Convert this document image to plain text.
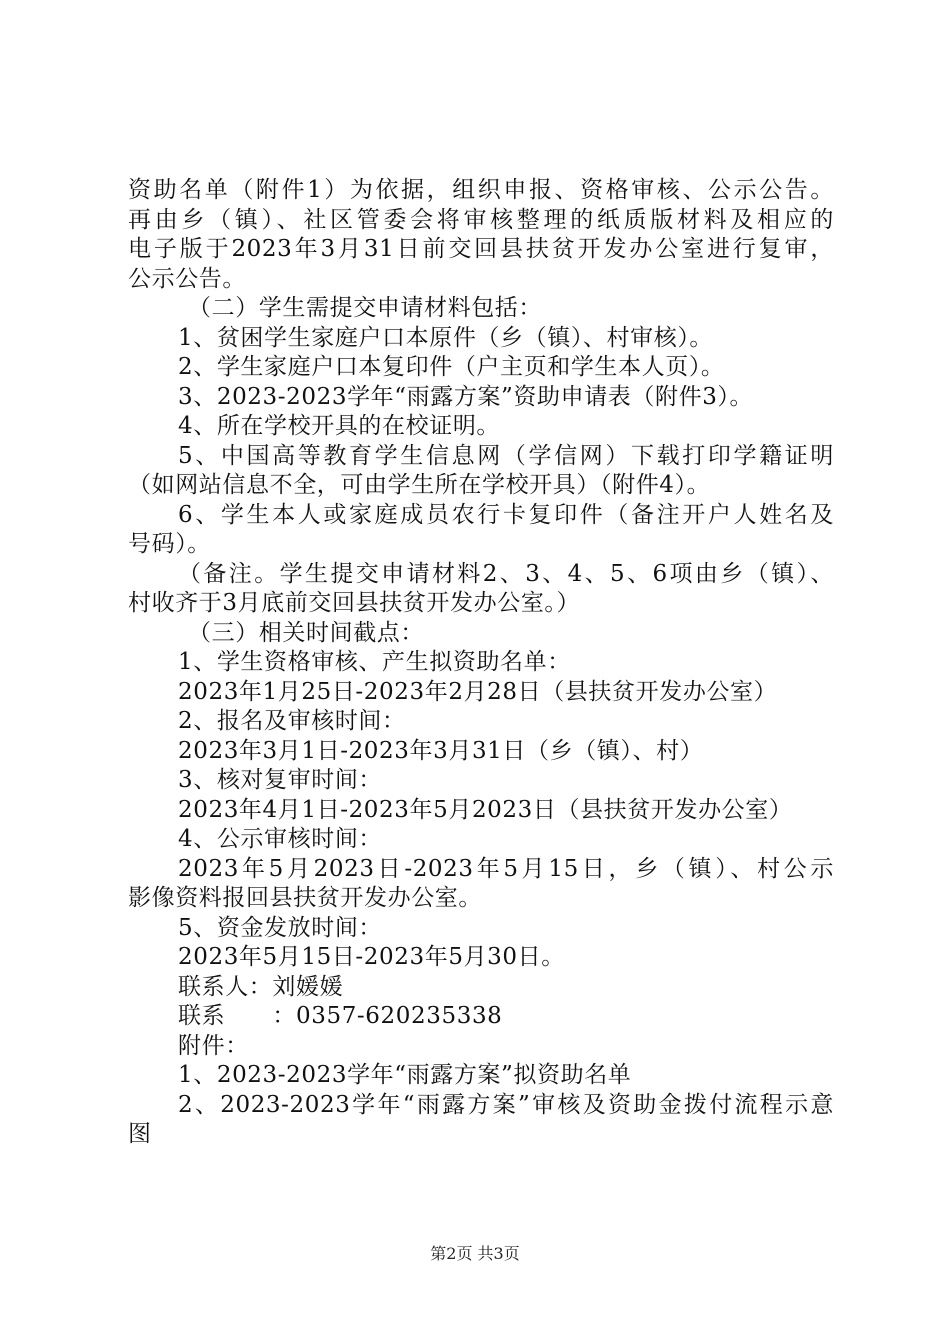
资助名单（附件1）为依据，组织申报、资格审核、公示公告。
再由乡（镇）、社区管委会将审核整理的纸质版材料及相应的
电子版于2023年3月31日前交回县扶贫开发办公室进行复审，
公示公告。
（二）学生需提交申请材料包括：
1、贫困学生家庭户口本原件（乡（镇）、村审核）。
2、学生家庭户口本复印件（户主页和学生本人页）。
3、2023-2023学年“雨露方案”资助申请表（附件3）。
4、所在学校开具的在校证明。
5、中国高等教育学生信息网（学信网）下载打印学籍证明
（如网站信息不全，可由学生所在学校开具）（附件4）。
6、学生本人或家庭成员农行卡复印件（备注开户人姓名及
号码）。
（备注。学生提交申请材料2、3、4、5、6项由乡（镇）、
村收齐于3月底前交回县扶贫开发办公室。）
（三）相关时间截点：
1、学生资格审核、产生拟资助名单：
2023年1月25日-2023年2月28日（县扶贫开发办公室）
2、报名及审核时间：
2023年3月1日-2023年3月31日（乡（镇）、村）
3、核对复审时间：
2023年4月1日-2023年5月2023日（县扶贫开发办公室）
4、公示审核时间：
2023年5月2023日-2023年5月15日，乡（镇）、村公示
影像资料报回县扶贫开发办公室。
5、资金发放时间：
2023年5月15日-2023年5月30日。
联系人：刘媛媛
联系　　：0357-620235338
附件：
1、2023-2023学年“雨露方案”拟资助名单
2、2023-2023学年“雨露方案”审核及资助金拨付流程示意
图
第2页 共3页
